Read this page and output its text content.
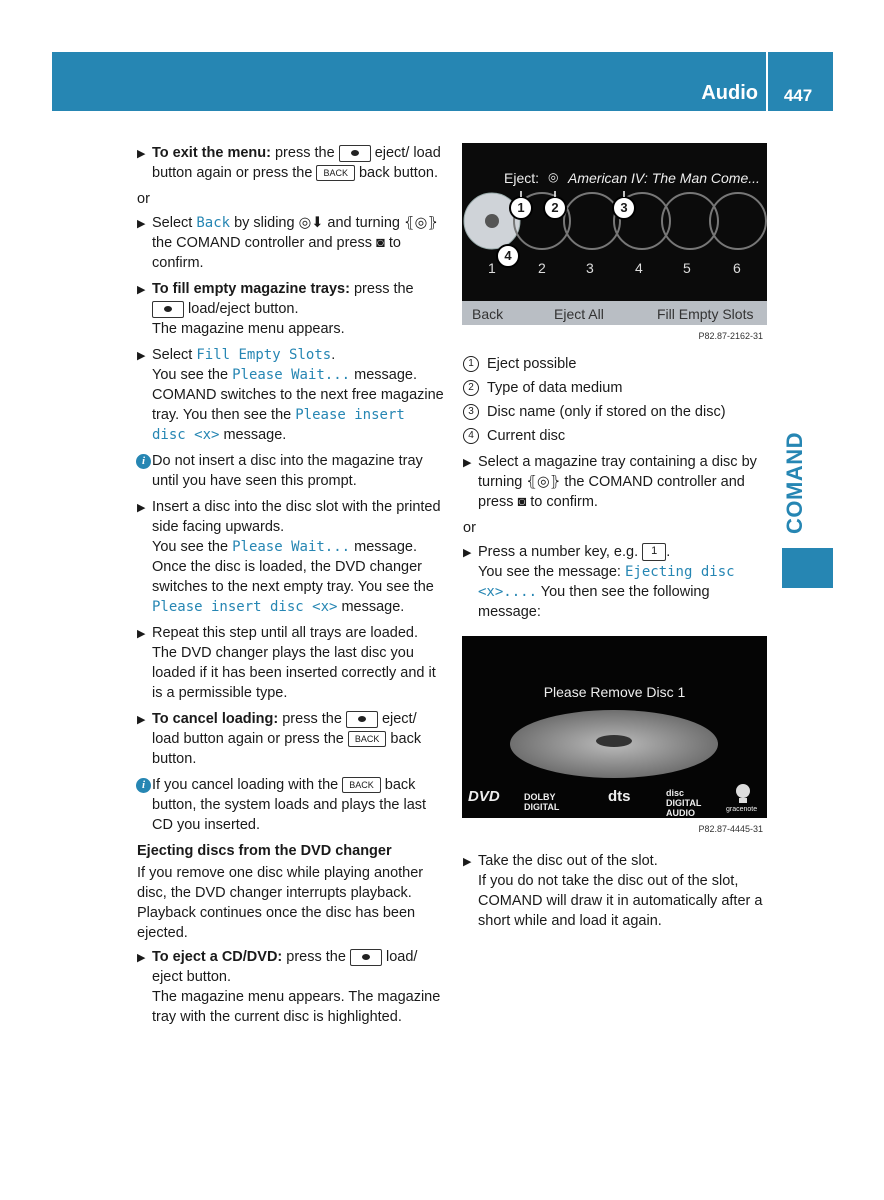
Audio	447
COMAND
▶ To exit the menu: press the  eject/ load button again or press the BACK back button.
or
▶ Select Back by sliding ◎⬇ and turning ⦃◎⦄ the COMAND controller and press ◙ to confirm.
▶ To fill empty magazine trays: press the
load/eject button.
The magazine menu appears.
▶ Select Fill Empty Slots.
You see the Please Wait... message. COMAND switches to the next free magazine tray. You then see the Please insert disc <x> message.
i Do not insert a disc into the magazine tray until you have seen this prompt.
▶ Insert a disc into the disc slot with the printed side facing upwards.
You see the Please Wait... message. Once the disc is loaded, the DVD changer switches to the next empty tray. You see the Please insert disc <x> message.
▶ Repeat this step until all trays are loaded. The DVD changer plays the last disc you loaded if it has been inserted correctly and it is a permissible type.
▶ To cancel loading: press the  eject/ load button again or press the BACK back button.
i If you cancel loading with the BACK back button, the system loads and plays the last CD you inserted.
Ejecting discs from the DVD changer
If you remove one disc while playing another disc, the DVD changer interrupts playback. Playback continues once the disc has been ejected.
▶ To eject a CD/DVD: press the  load/ eject button.
The magazine menu appears. The magazine tray with the current disc is highlighted.
Eject: ◎ American IV: The Man Come...
1 2	3
4
1	2	3	4	5	6
Back	Eject All	Fill Empty Slots
P82.87-2162-31
1 Eject possible
2 Type of data medium
3 Disc name (only if stored on the disc)
4 Current disc
▶ Select a magazine tray containing a disc by turning ⦃◎⦄ the COMAND controller and press ◙ to confirm.
or
▶ Press a number key, e.g. 1 .
You see the message: Ejecting disc <x>.... You then see the following message:
Please Remove Disc 1
DVD	DOLBY DIGITAL
dts	disc DIGITAL AUDIO	gracenote
P82.87-4445-31
▶ Take the disc out of the slot.
If you do not take the disc out of the slot, COMAND will draw it in automatically after a short while and load it again.
